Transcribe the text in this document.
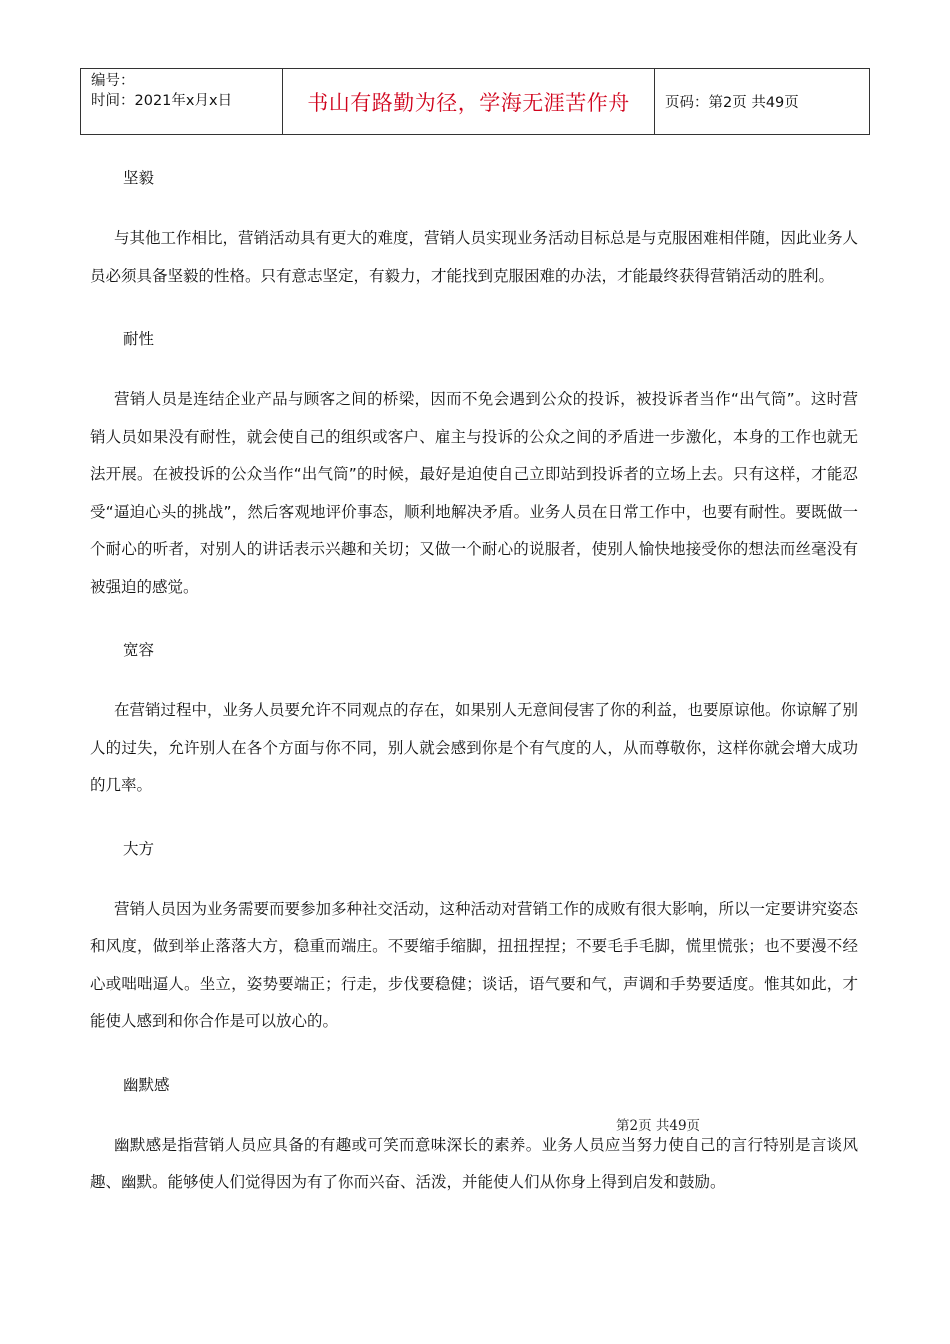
编号：
时间：2021年x月x日	书山有路勤为径，学海无涯苦作舟 页码：第2页 共49页
坚毅
与其他工作相比，营销活动具有更大的难度，营销人员实现业务活动目标总是与克服困难相伴随，因此业务人员必须具备坚毅的性格。只有意志坚定，有毅力，才能找到克服困难的办法，才能最终获得营销活动的胜利。
耐性
营销人员是连结企业产品与顾客之间的桥梁，因而不免会遇到公众的投诉，被投诉者当作“出气筒”。这时营销人员如果没有耐性，就会使自己的组织或客户、雇主与投诉的公众之间的矛盾进一步激化，本身的工作也就无法开展。在被投诉的公众当作“出气筒”的时候，最好是迫使自己立即站到投诉者的立场上去。只有这样，才能忍受“逼迫心头的挑战”，然后客观地评价事态，顺利地解决矛盾。业务人员在日常工作中，也要有耐性。要既做一个耐心的听者，对别人的讲话表示兴趣和关切；又做一个耐心的说服者，使别人愉快地接受你的想法而丝毫没有被强迫的感觉。
宽容
在营销过程中，业务人员要允许不同观点的存在，如果别人无意间侵害了你的利益，也要原谅他。你谅解了别人的过失，允许别人在各个方面与你不同，别人就会感到你是个有气度的人，从而尊敬你，这样你就会增大成功的几率。
大方
营销人员因为业务需要而要参加多种社交活动，这种活动对营销工作的成败有很大影响，所以一定要讲究姿态和风度，做到举止落落大方，稳重而端庄。不要缩手缩脚，扭扭捏捏；不要毛手毛脚，慌里慌张；也不要漫不经心或咄咄逼人。坐立，姿势要端正；行走，步伐要稳健；谈话，语气要和气，声调和手势要适度。惟其如此，才能使人感到和你合作是可以放心的。
幽默感
幽默感是指营销人员应具备的有趣或可笑而意味深长的素养。业务人员应当努力使自己的言行特别是言谈风趣、幽默。能够使人们觉得因为有了你而兴奋、活泼，并能使人们从你身上得到启发和鼓励。
第2页 共49页
